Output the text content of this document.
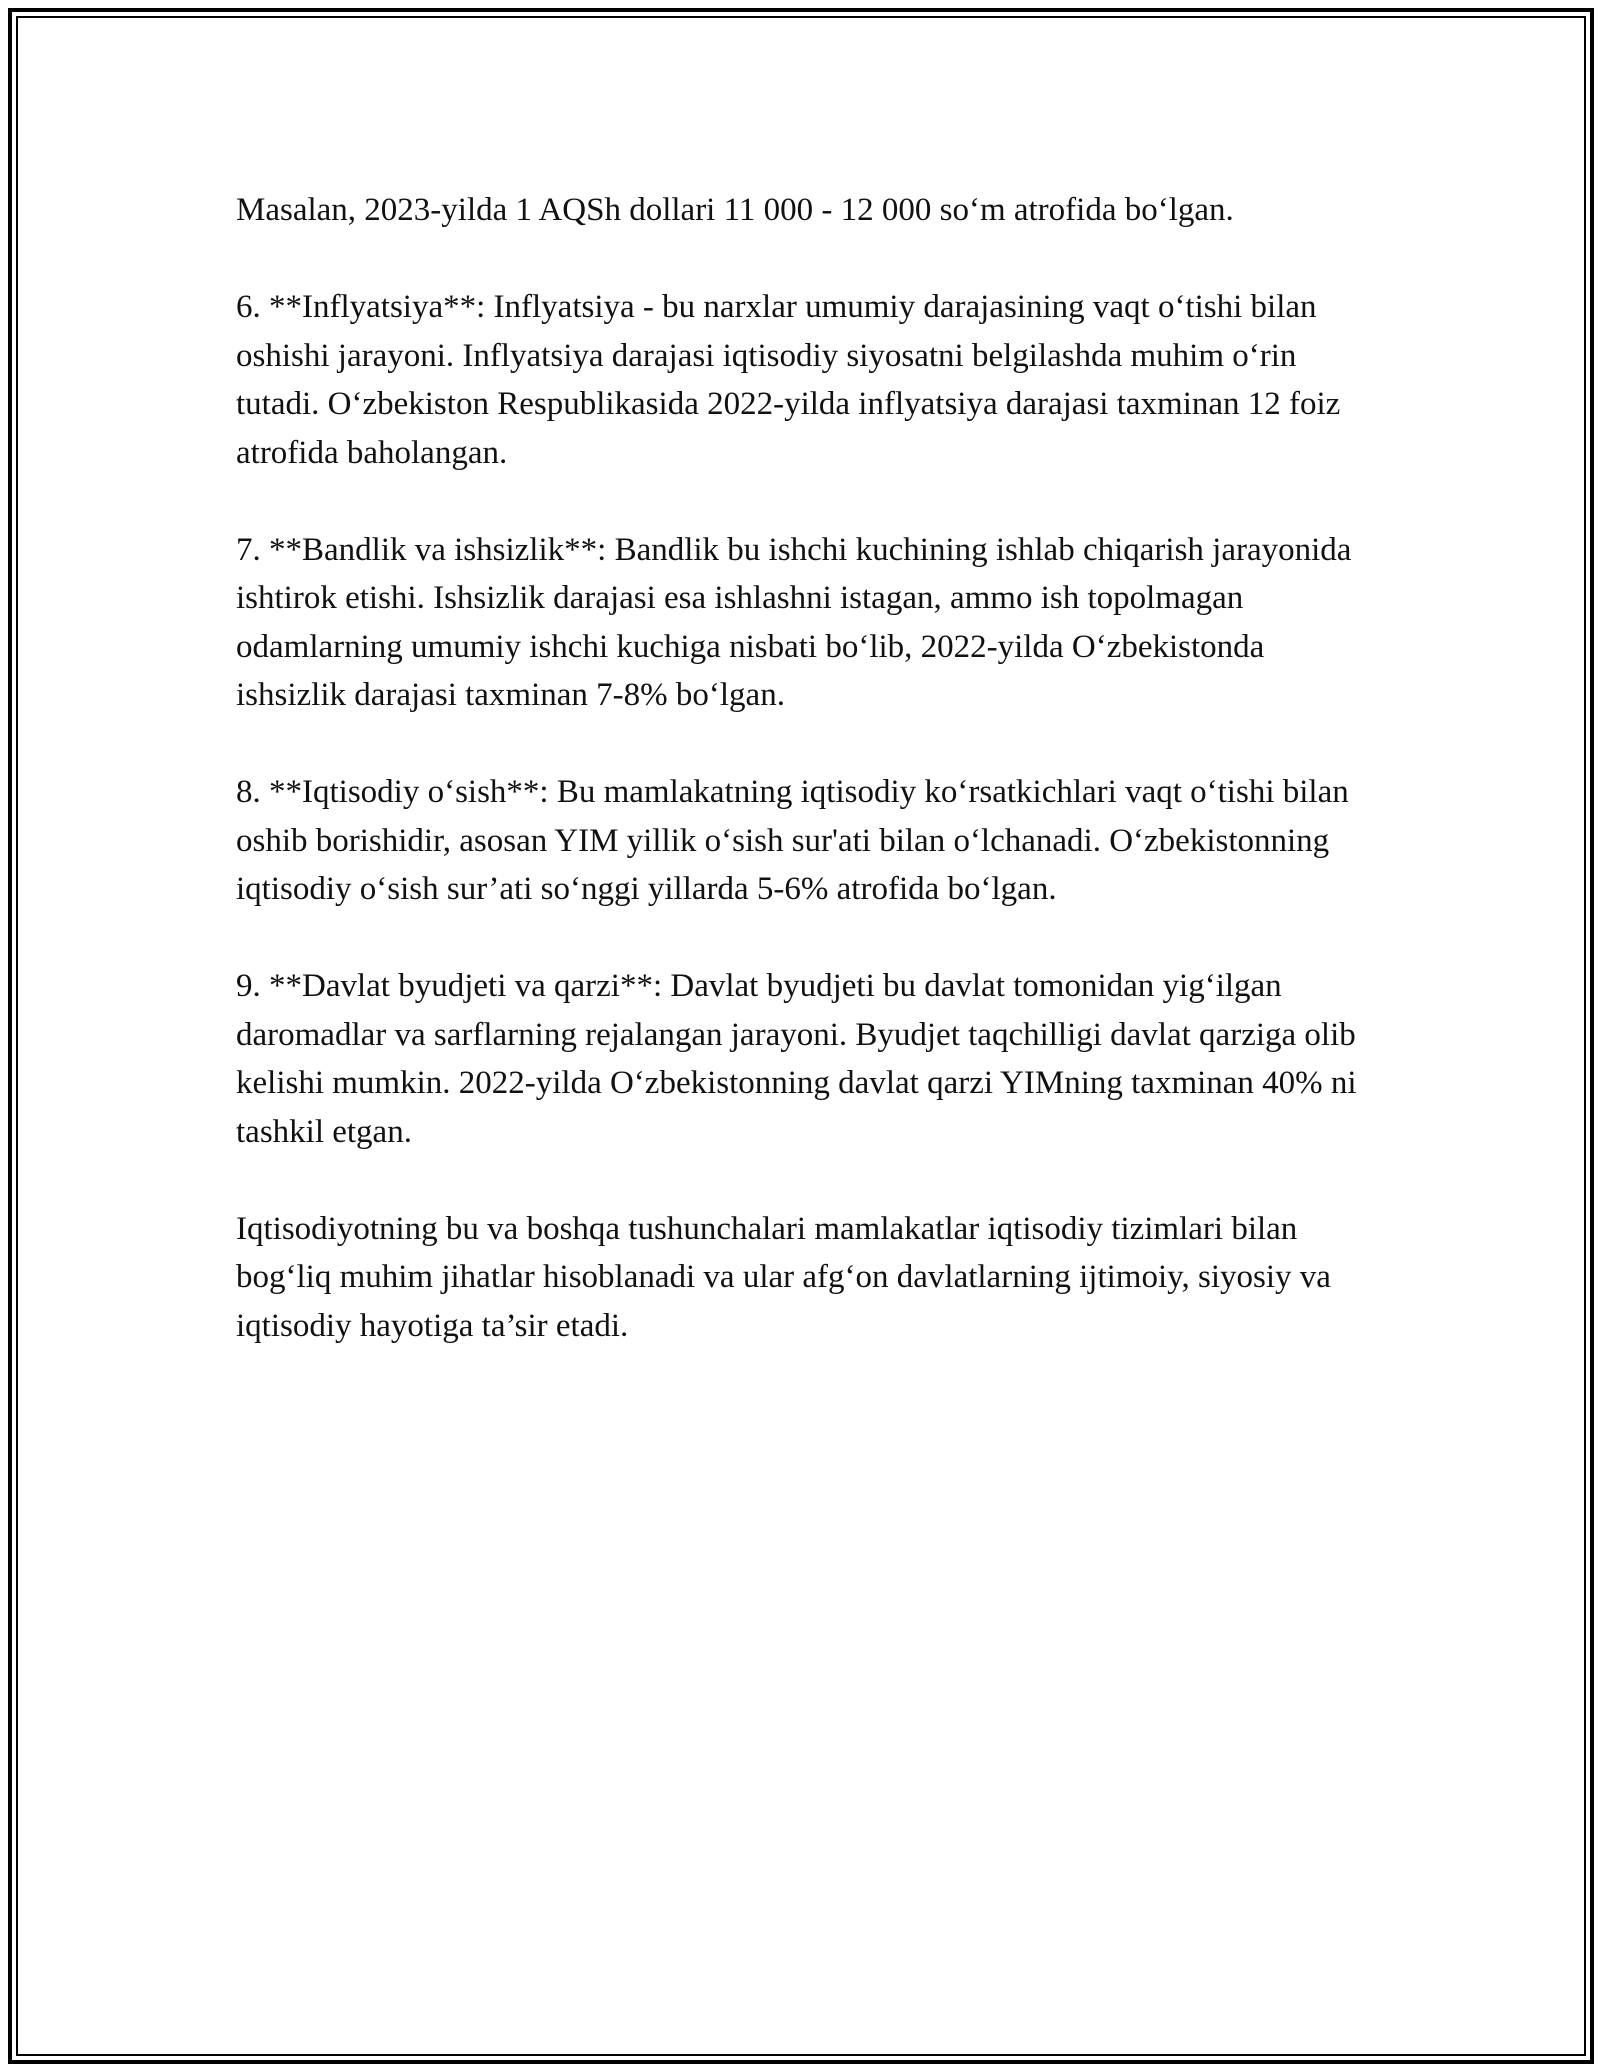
Masalan, 2023-yilda 1 AQSh dollari 11 000 - 12 000 so‘m atrofida bo‘lgan.

6. **Inflyatsiya**: Inflyatsiya - bu narxlar umumiy darajasining vaqt o‘tishi bilan oshishi jarayoni. Inflyatsiya darajasi iqtisodiy siyosatni belgilashda muhim o‘rin tutadi. O‘zbekiston Respublikasida 2022-yilda inflyatsiya darajasi taxminan 12 foiz atrofida baholangan.

7. **Bandlik va ishsizlik**: Bandlik bu ishchi kuchining ishlab chiqarish jarayonida ishtirok etishi. Ishsizlik darajasi esa ishlashni istagan, ammo ish topolmagan odamlarning umumiy ishchi kuchiga nisbati bo‘lib, 2022-yilda O‘zbekistonda ishsizlik darajasi taxminan 7-8% bo‘lgan.

8. **Iqtisodiy o‘sish**: Bu mamlakatning iqtisodiy ko‘rsatkichlari vaqt o‘tishi bilan oshib borishidir, asosan YIM yillik o‘sish sur'ati bilan o‘lchanadi. O‘zbekistonning iqtisodiy o‘sish sur’ati so‘nggi yillarda 5-6% atrofida bo‘lgan.

9. **Davlat byudjeti va qarzi**: Davlat byudjeti bu davlat tomonidan yig‘ilgan daromadlar va sarflarning rejalangan jarayoni. Byudjet taqchilligi davlat qarziga olib kelishi mumkin. 2022-yilda O‘zbekistonning davlat qarzi YIMning taxminan 40% ni tashkil etgan.

Iqtisodiyotning bu va boshqa tushunchalari mamlakatlar iqtisodiy tizimlari bilan bog‘liq muhim jihatlar hisoblanadi va ular afg‘on davlatlarning ijtimoiy, siyosiy va iqtisodiy hayotiga ta’sir etadi.
